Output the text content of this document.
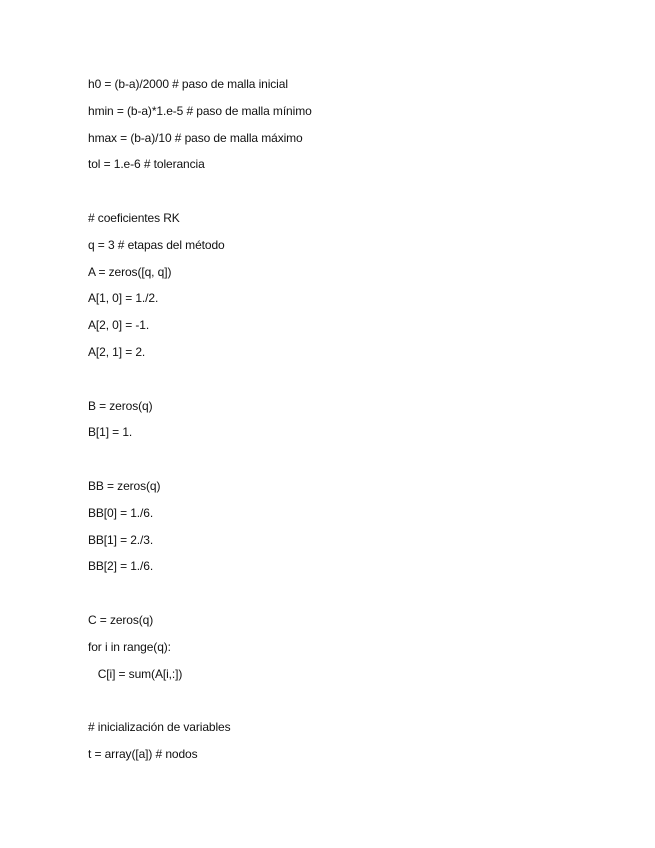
h0 = (b-a)/2000 # paso de malla inicial
hmin = (b-a)*1.e-5 # paso de malla mínimo
hmax = (b-a)/10 # paso de malla máximo
tol = 1.e-6 # tolerancia
# coeficientes RK
q = 3 # etapas del método
A = zeros([q, q])
A[1, 0] = 1./2.
A[2, 0] = -1.
A[2, 1] = 2.
B = zeros(q)
B[1] = 1.
BB = zeros(q)
BB[0] = 1./6.
BB[1] = 2./3.
BB[2] = 1./6.
C = zeros(q)
for i in range(q):
C[i] = sum(A[i,:])
# inicialización de variables
t = array([a]) # nodos
